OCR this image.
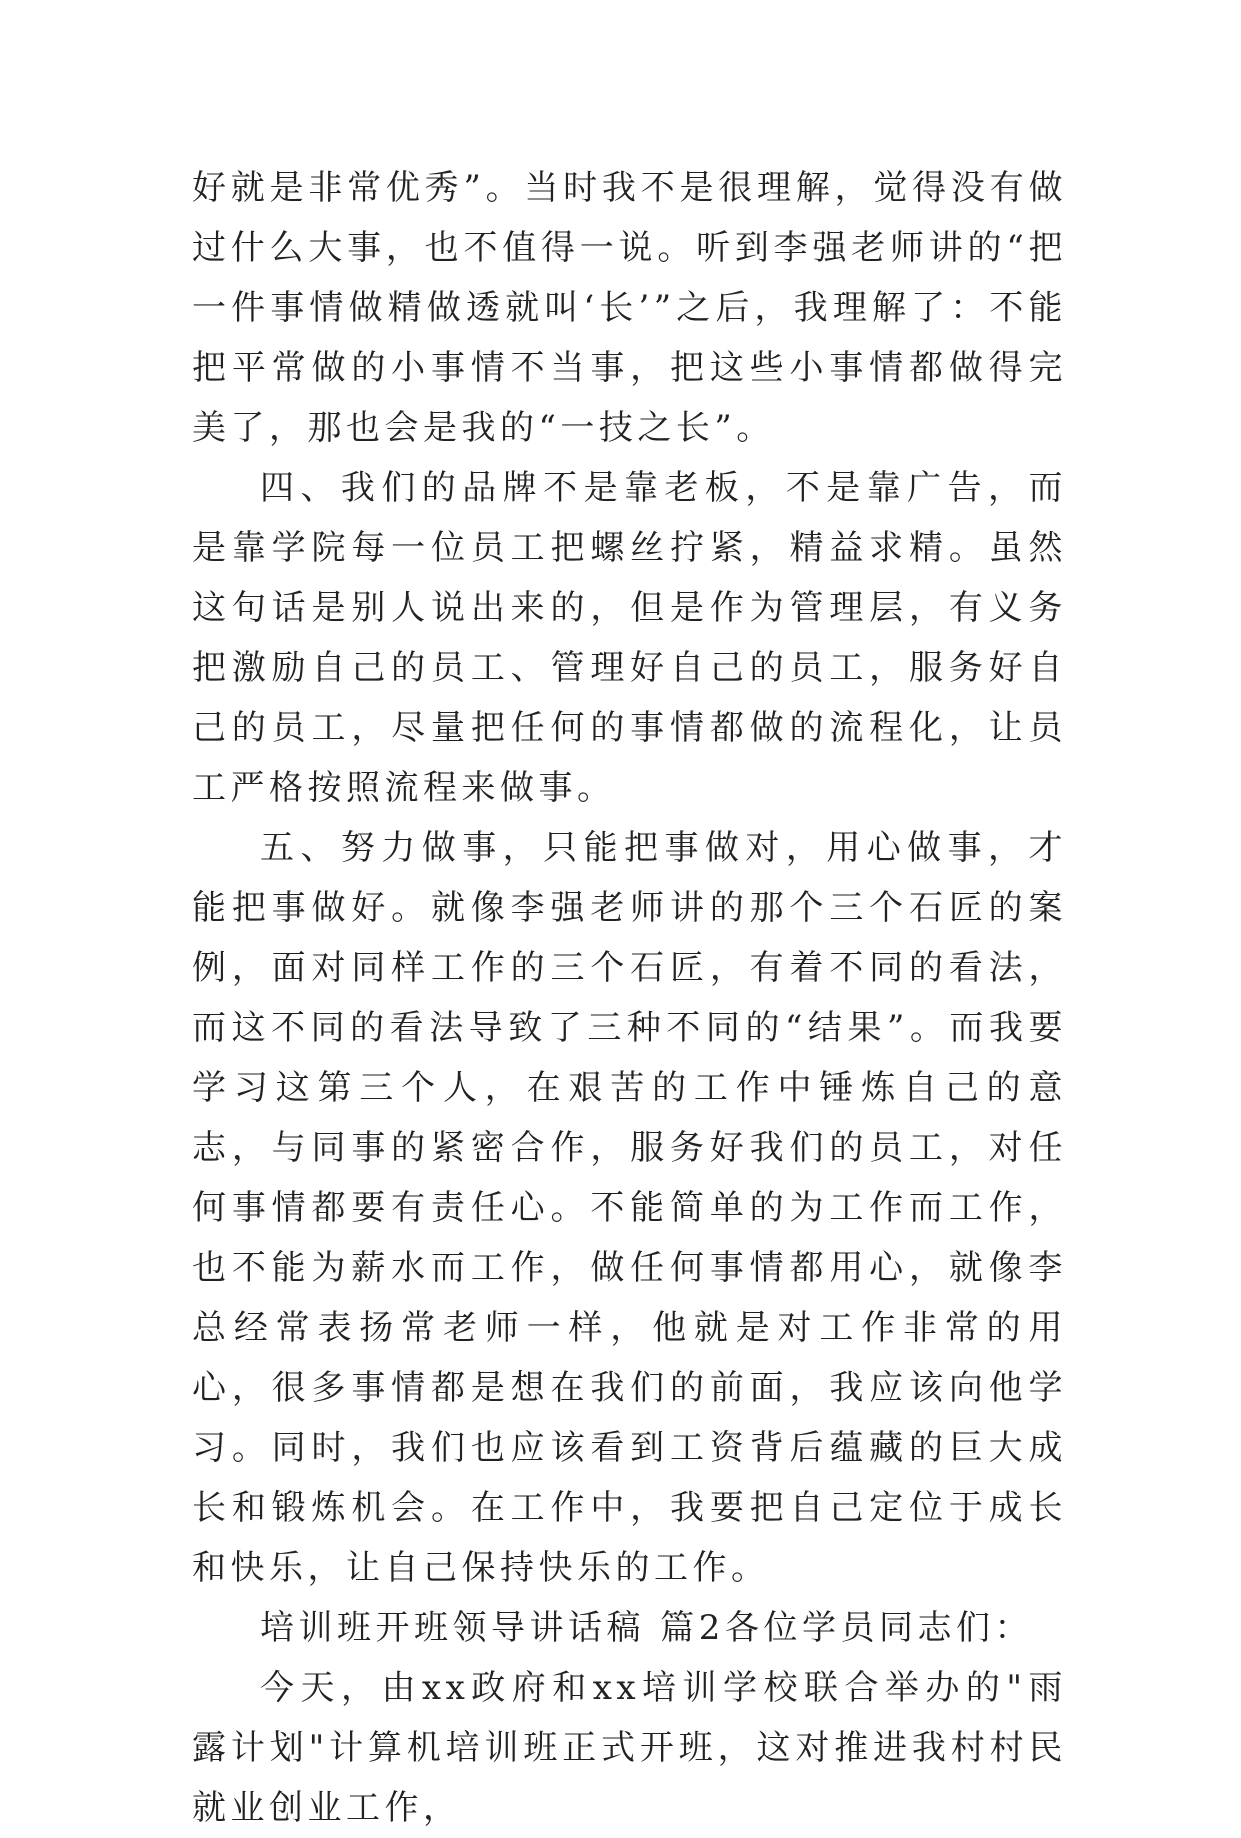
好就是非常优秀”。当时我不是很理解，觉得没有做过什么大事，也不值得一说。听到李强老师讲的“把一件事情做精做透就叫‘长’”之后，我理解了：不能把平常做的小事情不当事，把这些小事情都做得完美了，那也会是我的“一技之长”。

四、我们的品牌不是靠老板，不是靠广告，而是靠学院每一位员工把螺丝拧紧，精益求精。虽然这句话是别人说出来的，但是作为管理层，有义务把激励自己的员工、管理好自己的员工，服务好自己的员工，尽量把任何的事情都做的流程化，让员工严格按照流程来做事。

五、努力做事，只能把事做对，用心做事，才能把事做好。就像李强老师讲的那个三个石匠的案例，面对同样工作的三个石匠，有着不同的看法，而这不同的看法导致了三种不同的“结果”。而我要学习这第三个人，在艰苦的工作中锤炼自己的意志，与同事的紧密合作，服务好我们的员工，对任何事情都要有责任心。不能简单的为工作而工作，也不能为薪水而工作，做任何事情都用心，就像李总经常表扬常老师一样，他就是对工作非常的用心，很多事情都是想在我们的前面，我应该向他学习。同时，我们也应该看到工资背后蕴藏的巨大成长和锻炼机会。在工作中，我要把自己定位于成长和快乐，让自己保持快乐的工作。

培训班开班领导讲话稿 篇2各位学员同志们：

今天，由xx政府和xx培训学校联合举办的"雨露计划"计算机培训班正式开班，这对推进我村村民就业创业工作，
